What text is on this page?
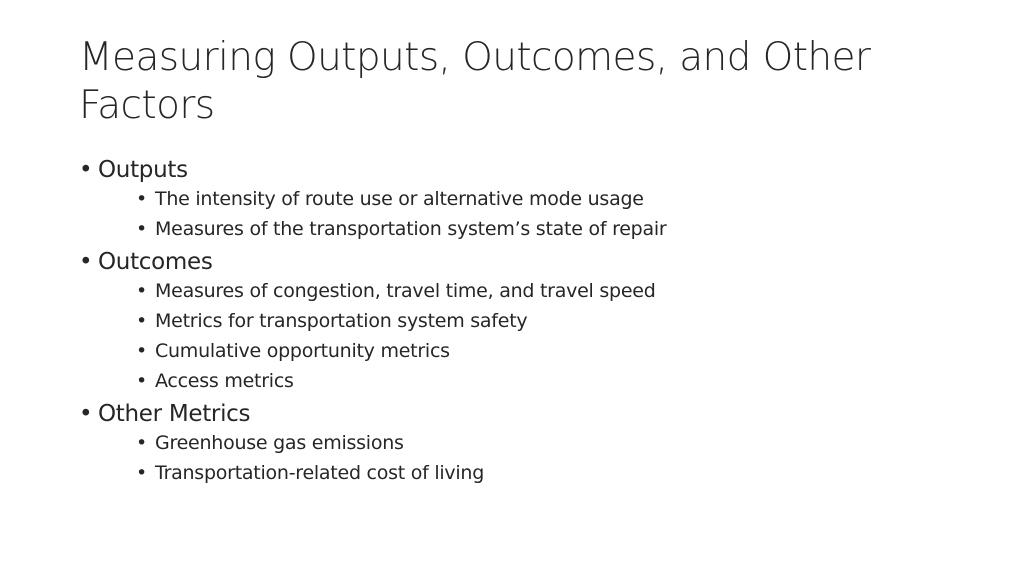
Measuring Outputs, Outcomes, and Other Factors
• Outputs
• The intensity of route use or alternative mode usage
• Measures of the transportation system’s state of repair
• Outcomes
• Measures of congestion, travel time, and travel speed
• Metrics for transportation system safety
• Cumulative opportunity metrics
• Access metrics
• Other Metrics
• Greenhouse gas emissions
• Transportation-related cost of living
